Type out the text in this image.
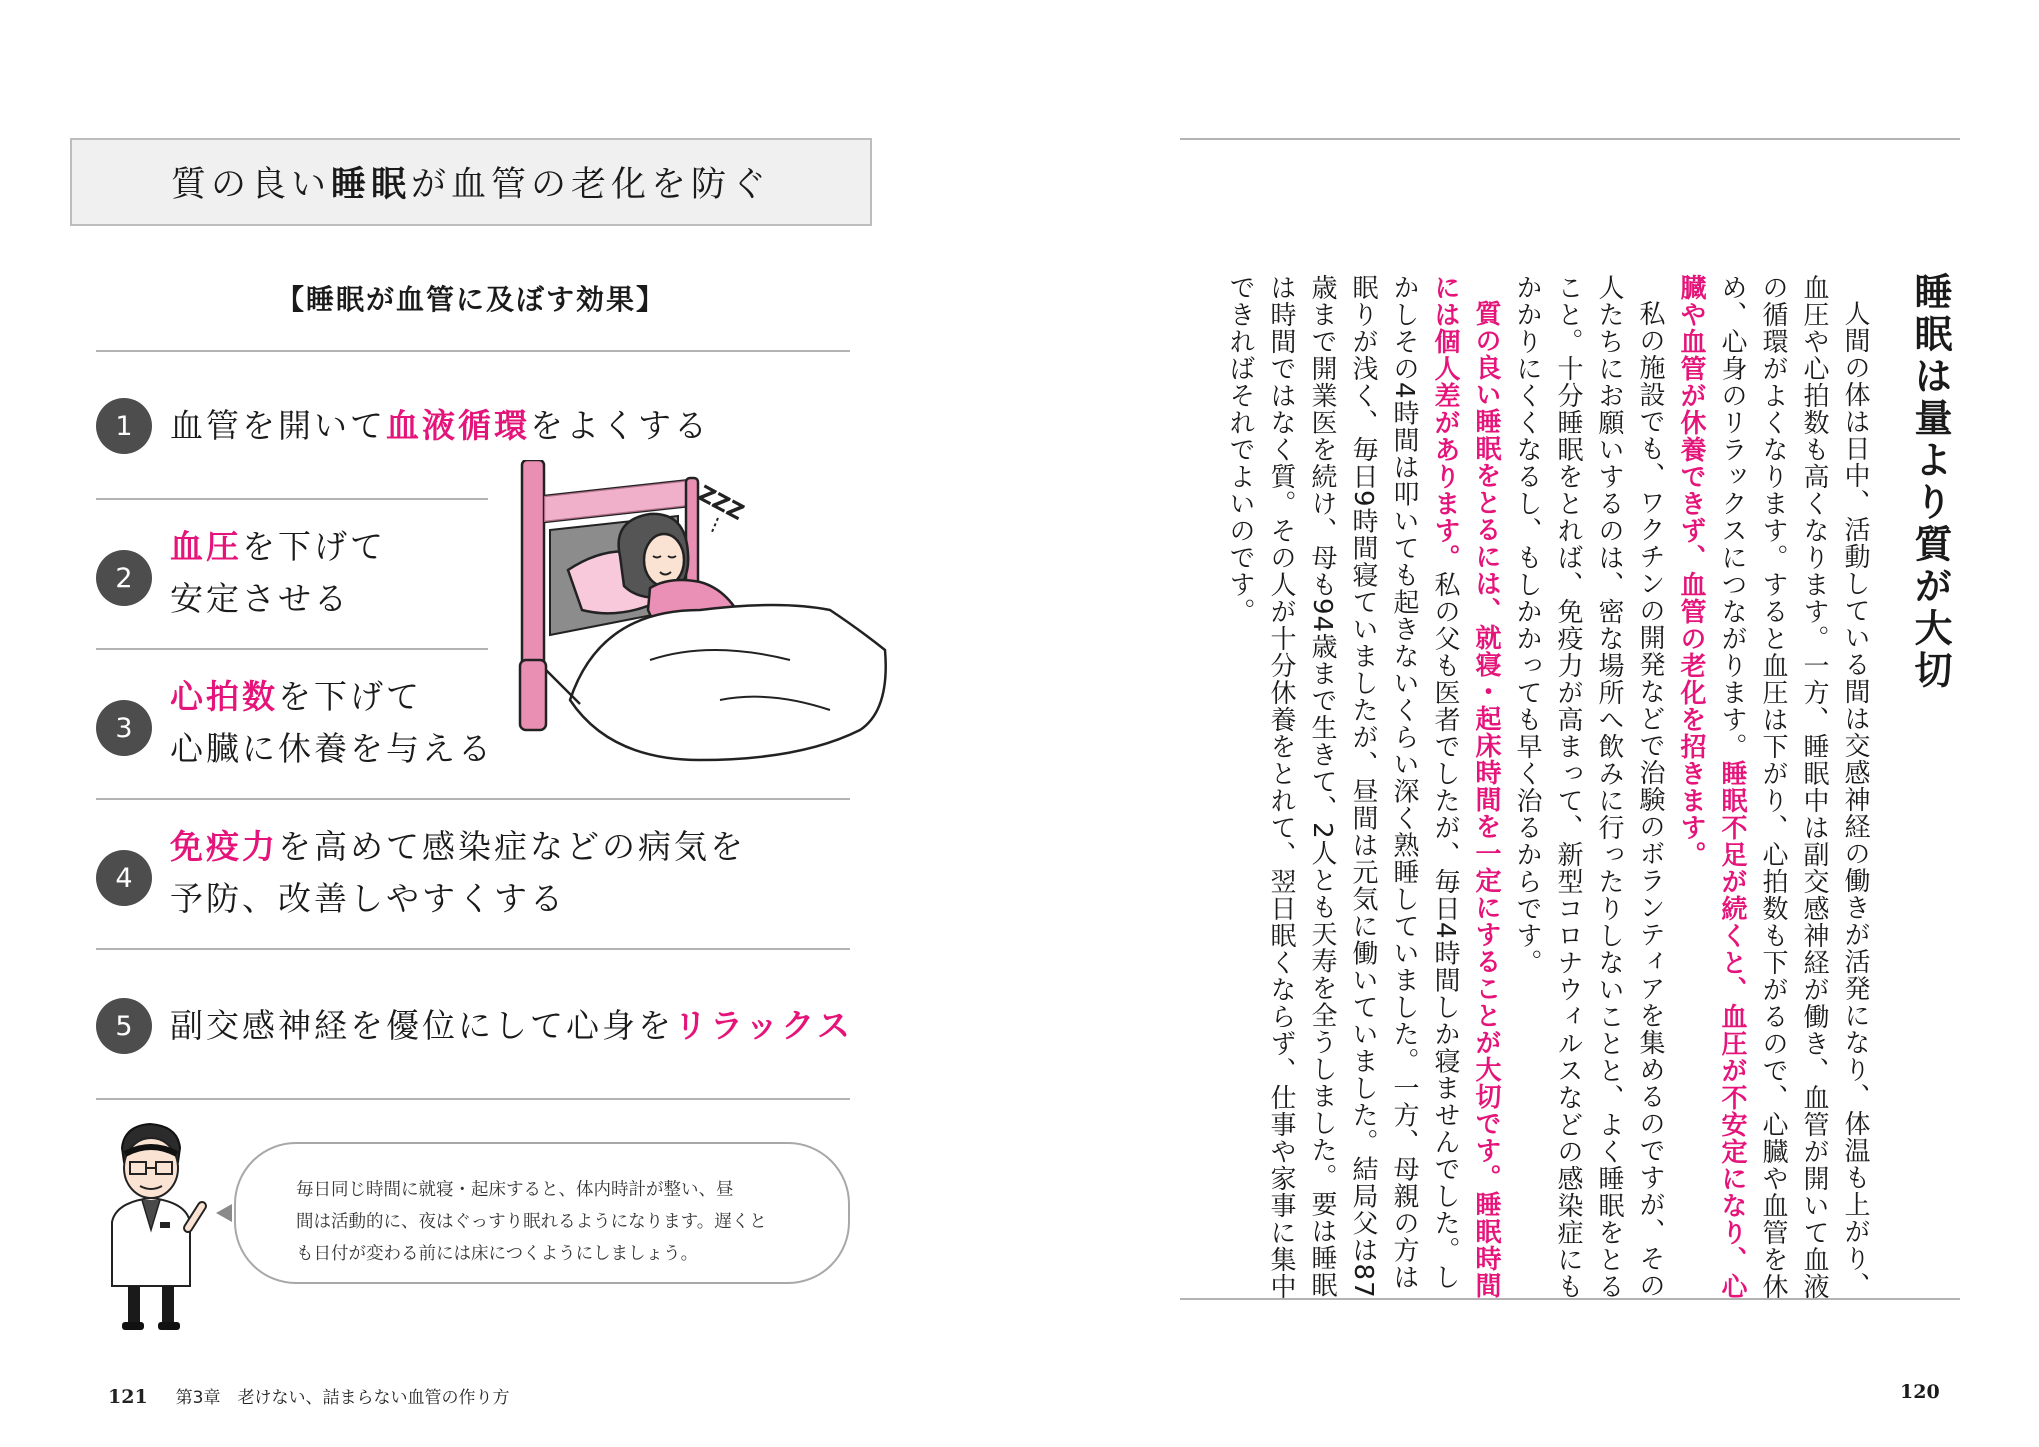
質の良い 睡眠 が血管の老化を防ぐ
【睡眠が血管に及ぼす効果】
1	血管を開いて血液循環をよくする
2
血圧を下げて
安定させる
3
心拍数を下げて
心臓に休養を与える
4
免疫力を高めて感染症などの病気を
予防、改善しやすくする
5	副交感神経を優位にして心身をリラックス
ZZZ
毎日同じ時間に就寝・起床すると、体内時計が整い、昼
間は活動的に、夜はぐっすり眠れるようになります。遅くと
も日付が変わる前には床につくようにしましょう。
121 第3章　老けない、詰まらない血管の作り方
睡眠は量より質が大切

人間の体は日中、活動している間は交感神経の働きが活発になり、体温も上がり、血圧や心拍数も高くなります。一方、睡眠中は副交感神経が働き、血管が開いて血液の循環がよくなります。すると血圧は下がり、心拍数も下がるので、心臓や血管を休め、心身のリラックスにつながります。睡眠不足が続くと、血圧が不安定になり、心臓や血管が休養できず、血管の老化を招きます。

私の施設でも、ワクチンの開発などで治験のボランティアを集めるのですが、その人たちにお願いするのは、密な場所へ飲みに行ったりしないことと、よく睡眠をとること。十分睡眠をとれば、免疫力が高まって、新型コロナウィルスなどの感染症にもかかりにくくなるし、もしかかっても早く治るからです。

質の良い睡眠をとるには、就寝・起床時間を一定にすることが大切です。睡眠時間には個人差があります。私の父も医者でしたが、毎日4時間しか寝ませんでした。しかしその4時間は叩いても起きないくらい深く熟睡していました。一方、母親の方は眠りが浅く、毎日9時間寝ていましたが、昼間は元気に働いていました。結局父は87歳まで開業医を続け、母も94歳まで生きて、2人とも天寿を全うしました。要は睡眠は時間ではなく質。その人が十分休養をとれて、翌日眠くならず、仕事や家事に集中できればそれでよいのです。

120
